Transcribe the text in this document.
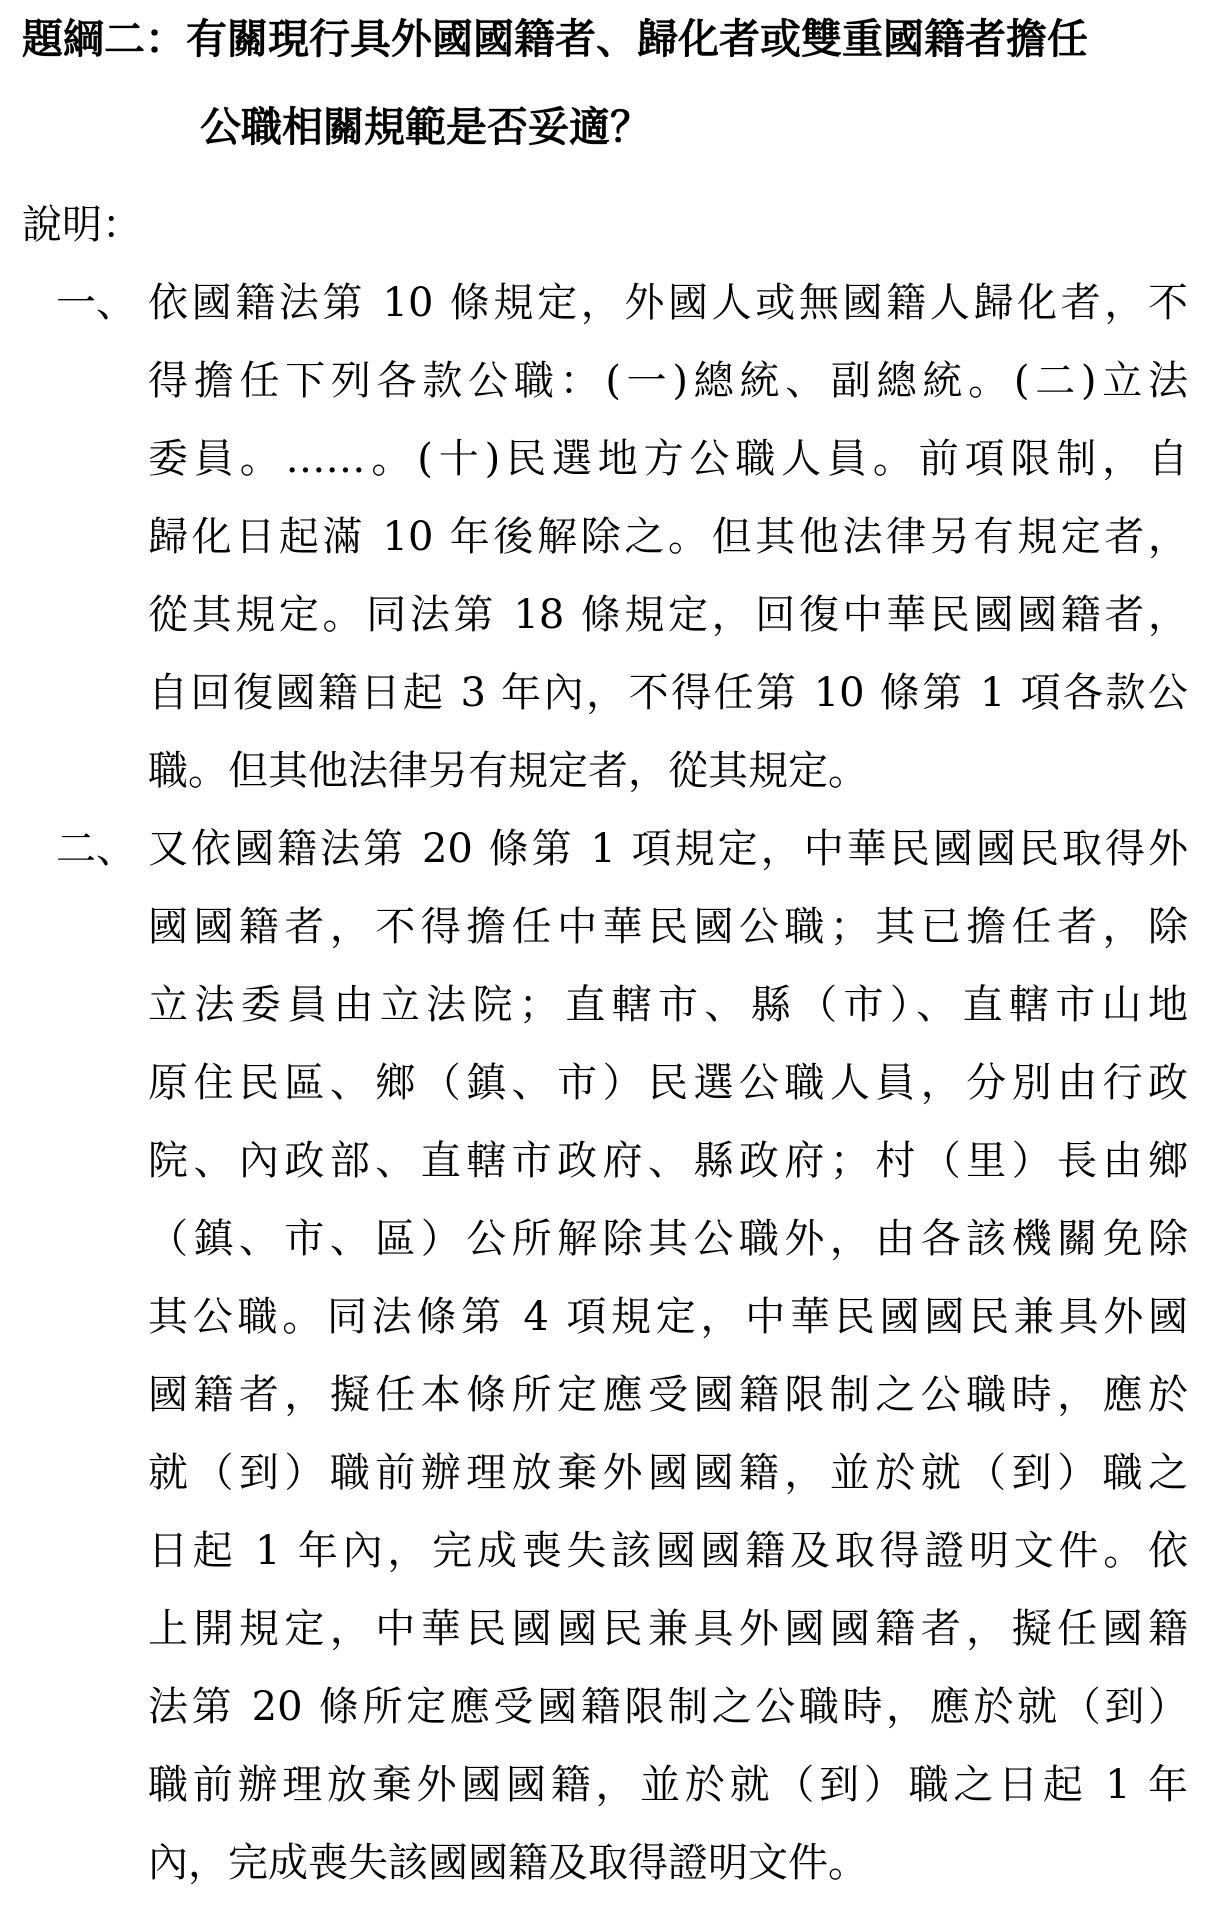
題綱二：有關現行具外國國籍者、歸化者或雙重國籍者擔任
公職相關規範是否妥適？
說明：
一、 依國籍法第 10 條規定，外國人或無國籍人歸化者，不
得擔任下列各款公職：(一)總統、副總統。(二)立法
委員。……。(十)民選地方公職人員。前項限制，自
歸化日起滿 10 年後解除之。但其他法律另有規定者，
從其規定。同法第 18 條規定，回復中華民國國籍者，
自回復國籍日起 3 年內，不得任第 10 條第 1 項各款公
職。但其他法律另有規定者，從其規定。
二、 又依國籍法第 20 條第 1 項規定，中華民國國民取得外
國國籍者，不得擔任中華民國公職；其已擔任者，除
立法委員由立法院；直轄市、縣（市）、直轄市山地
原住民區、鄉（鎮、市）民選公職人員，分別由行政
院、內政部、直轄市政府、縣政府；村（里）長由鄉
（鎮、市、區）公所解除其公職外，由各該機關免除
其公職。同法條第 4 項規定，中華民國國民兼具外國
國籍者，擬任本條所定應受國籍限制之公職時，應於
就（到）職前辦理放棄外國國籍，並於就（到）職之
日起 1 年內，完成喪失該國國籍及取得證明文件。依
上開規定，中華民國國民兼具外國國籍者，擬任國籍
法第 20 條所定應受國籍限制之公職時，應於就（到）
職前辦理放棄外國國籍，並於就（到）職之日起 1 年
內，完成喪失該國國籍及取得證明文件。
